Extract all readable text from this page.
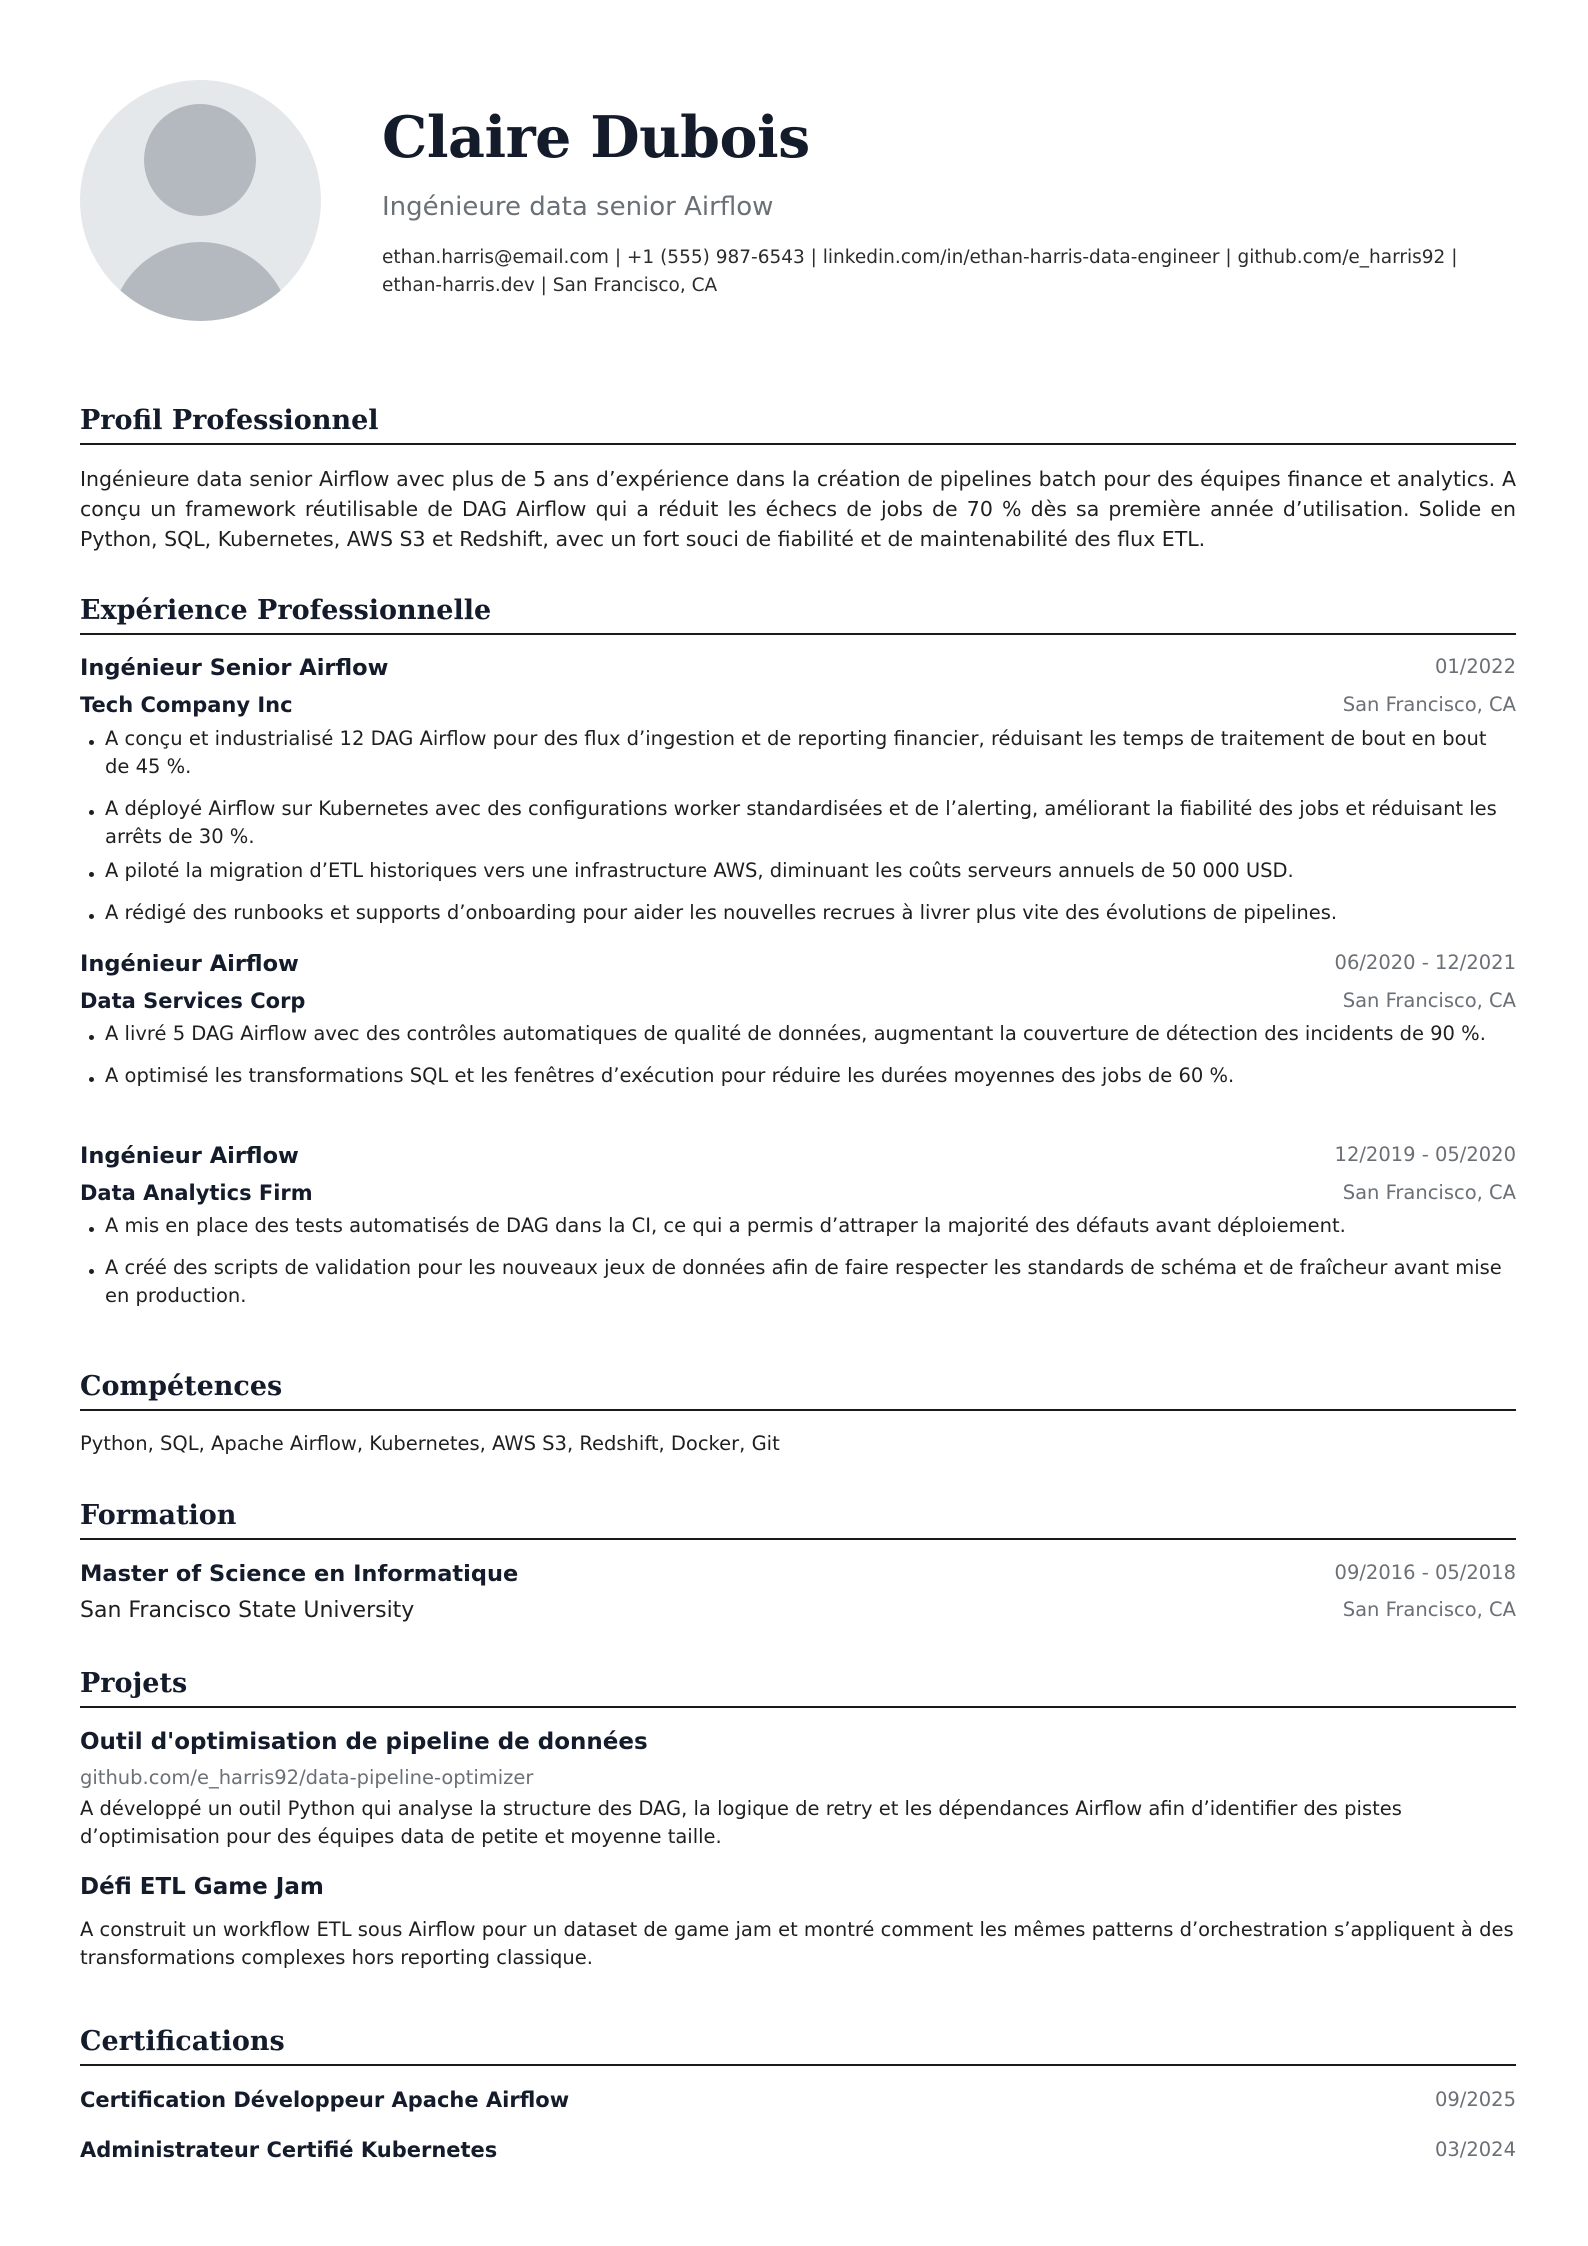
Claire Dubois
Ingénieure data senior Airflow
ethan.harris@email.com | +1 (555) 987-6543 | linkedin.com/in/ethan-harris-data-engineer | github.com/e_harris92 |
ethan-harris.dev | San Francisco, CA
Profil Professionnel
Ingénieure data senior Airflow avec plus de 5 ans d’expérience dans la création de pipelines batch pour des équipes finance et analytics. A conçu un framework réutilisable de DAG Airflow qui a réduit les échecs de jobs de 70 % dès sa première année d’utilisation. Solide en Python, SQL, Kubernetes, AWS S3 et Redshift, avec un fort souci de fiabilité et de maintenabilité des flux ETL.
Expérience Professionnelle
Ingénieur Senior Airflow	01/2022
Tech Company Inc	San Francisco, CA
A conçu et industrialisé 12 DAG Airflow pour des flux d’ingestion et de reporting financier, réduisant les temps de traitement de bout en bout de 45 %.
A déployé Airflow sur Kubernetes avec des configurations worker standardisées et de l’alerting, améliorant la fiabilité des jobs et réduisant les arrêts de 30 %.
A piloté la migration d’ETL historiques vers une infrastructure AWS, diminuant les coûts serveurs annuels de 50 000 USD.
A rédigé des runbooks et supports d’onboarding pour aider les nouvelles recrues à livrer plus vite des évolutions de pipelines.
Ingénieur Airflow	06/2020 - 12/2021
Data Services Corp	San Francisco, CA
A livré 5 DAG Airflow avec des contrôles automatiques de qualité de données, augmentant la couverture de détection des incidents de 90 %.
A optimisé les transformations SQL et les fenêtres d’exécution pour réduire les durées moyennes des jobs de 60 %.
Ingénieur Airflow	12/2019 - 05/2020
Data Analytics Firm	San Francisco, CA
A mis en place des tests automatisés de DAG dans la CI, ce qui a permis d’attraper la majorité des défauts avant déploiement.
A créé des scripts de validation pour les nouveaux jeux de données afin de faire respecter les standards de schéma et de fraîcheur avant mise en production.
Compétences
Python, SQL, Apache Airflow, Kubernetes, AWS S3, Redshift, Docker, Git
Formation
Master of Science en Informatique	09/2016 - 05/2018
San Francisco State University	San Francisco, CA
Projets
Outil d'optimisation de pipeline de données
github.com/e_harris92/data-pipeline-optimizer
A développé un outil Python qui analyse la structure des DAG, la logique de retry et les dépendances Airflow afin d’identifier des pistes d’optimisation pour des équipes data de petite et moyenne taille.
Défi ETL Game Jam
A construit un workflow ETL sous Airflow pour un dataset de game jam et montré comment les mêmes patterns d’orchestration s’appliquent à des transformations complexes hors reporting classique.
Certifications
Certification Développeur Apache Airflow	09/2025
Administrateur Certifié Kubernetes	03/2024
